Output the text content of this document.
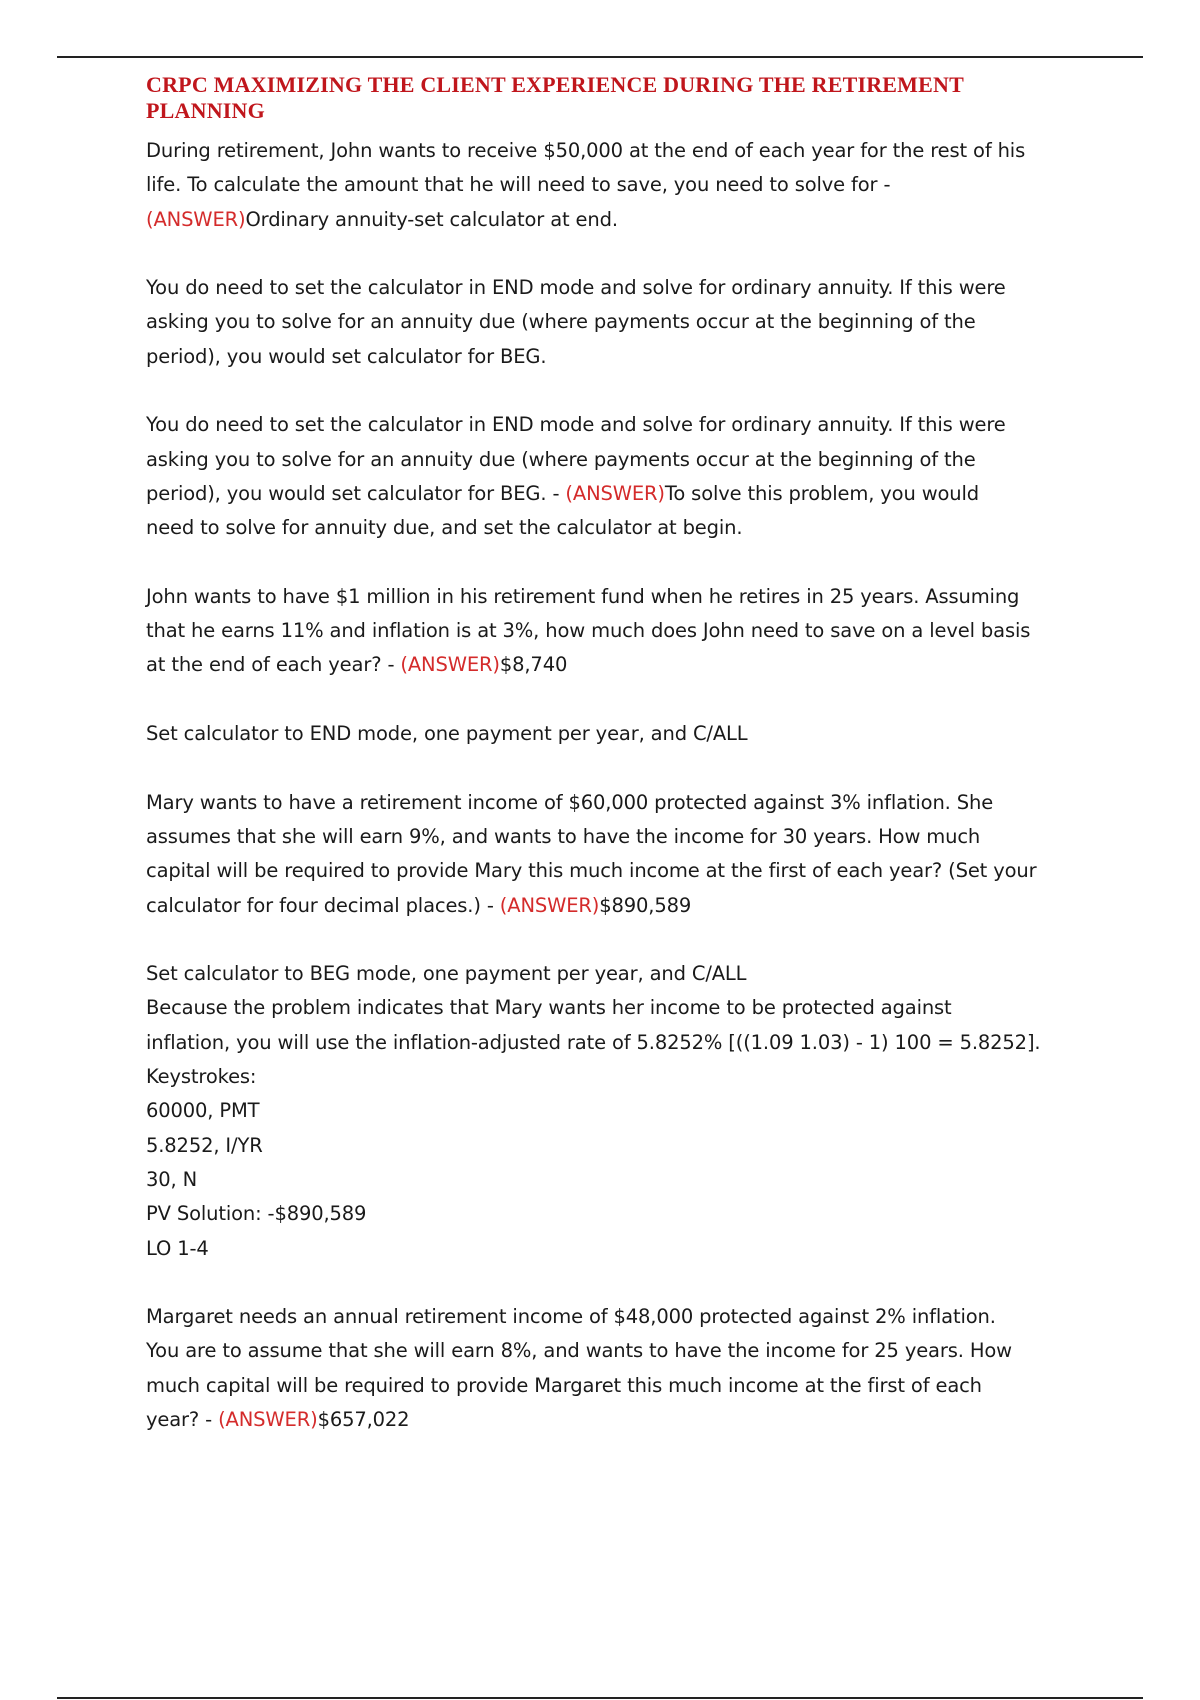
CRPC MAXIMIZING THE CLIENT EXPERIENCE DURING THE RETIREMENT
PLANNING

During retirement, John wants to receive $50,000 at the end of each year for the rest of his
life. To calculate the amount that he will need to save, you need to solve for -
(ANSWER)Ordinary annuity-set calculator at end.

You do need to set the calculator in END mode and solve for ordinary annuity. If this were
asking you to solve for an annuity due (where payments occur at the beginning of the
period), you would set calculator for BEG.

You do need to set the calculator in END mode and solve for ordinary annuity. If this were
asking you to solve for an annuity due (where payments occur at the beginning of the
period), you would set calculator for BEG. - (ANSWER)To solve this problem, you would
need to solve for annuity due, and set the calculator at begin.

John wants to have $1 million in his retirement fund when he retires in 25 years. Assuming
that he earns 11% and inflation is at 3%, how much does John need to save on a level basis
at the end of each year? - (ANSWER)$8,740

Set calculator to END mode, one payment per year, and C/ALL

Mary wants to have a retirement income of $60,000 protected against 3% inflation. She
assumes that she will earn 9%, and wants to have the income for 30 years. How much
capital will be required to provide Mary this much income at the first of each year? (Set your
calculator for four decimal places.) - (ANSWER)$890,589

Set calculator to BEG mode, one payment per year, and C/ALL
Because the problem indicates that Mary wants her income to be protected against
inflation, you will use the inflation-adjusted rate of 5.8252% [((1.09 1.03) - 1) 100 = 5.8252].
Keystrokes:
60000, PMT
5.8252, I/YR
30, N
PV Solution: -$890,589
LO 1-4

Margaret needs an annual retirement income of $48,000 protected against 2% inflation.
You are to assume that she will earn 8%, and wants to have the income for 25 years. How
much capital will be required to provide Margaret this much income at the first of each
year? - (ANSWER)$657,022
